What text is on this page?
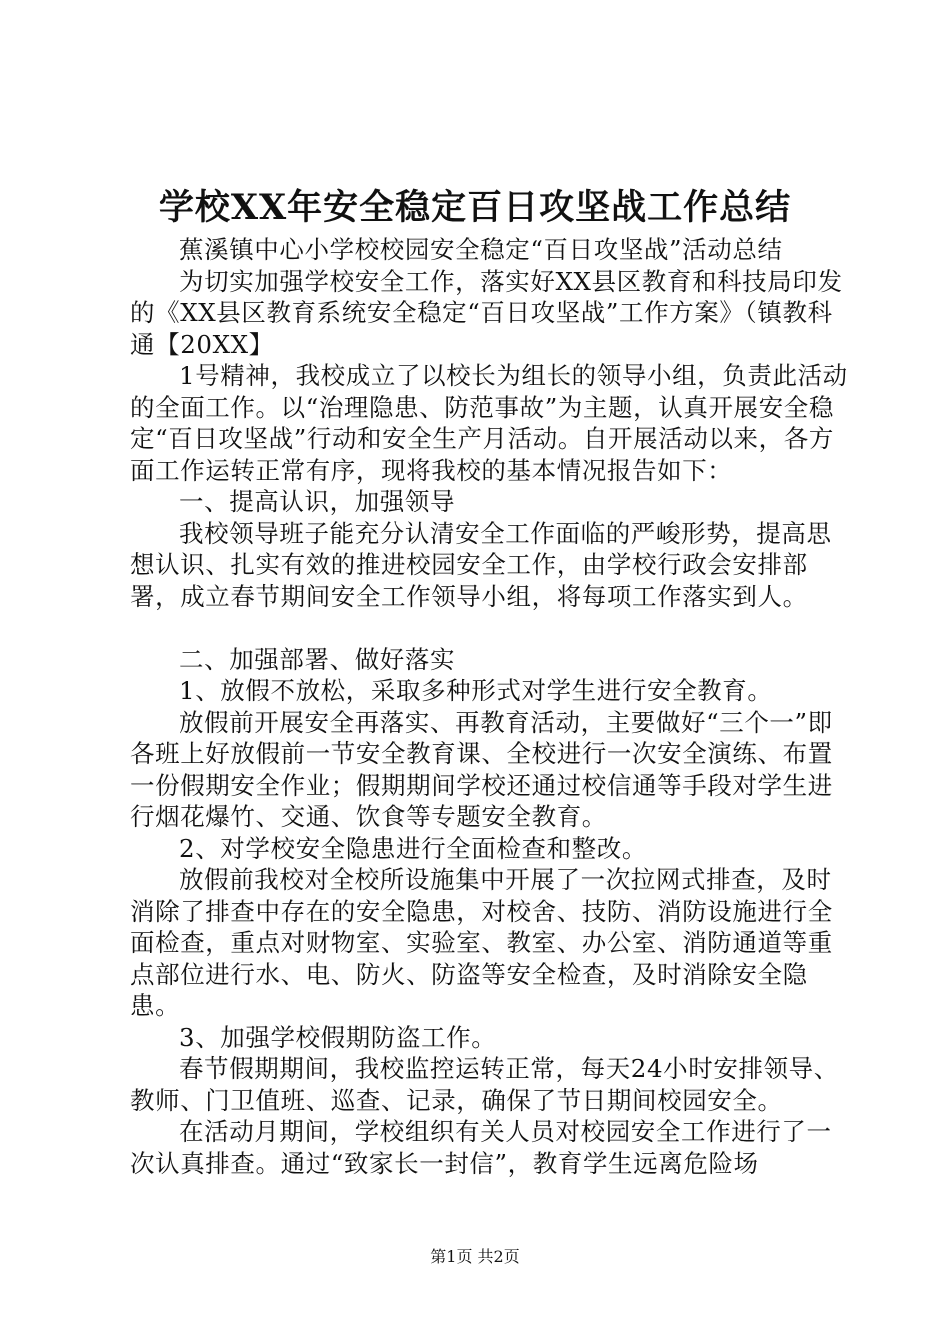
学校XX年安全稳定百日攻坚战工作总结

蕉溪镇中心小学校校园安全稳定“百日攻坚战”活动总结

为切实加强学校安全工作，落实好XX县区教育和科技局印发的《XX县区教育系统安全稳定“百日攻坚战”工作方案》（镇教科通【20XX】

1号精神，我校成立了以校长为组长的领导小组，负责此活动的全面工作。以“治理隐患、防范事故”为主题，认真开展安全稳定“百日攻坚战”行动和安全生产月活动。自开展活动以来，各方面工作运转正常有序，现将我校的基本情况报告如下：

一、提高认识，加强领导

我校领导班子能充分认清安全工作面临的严峻形势，提高思想认识、扎实有效的推进校园安全工作，由学校行政会安排部署，成立春节期间安全工作领导小组，将每项工作落实到人。

二、加强部署、做好落实

1、放假不放松，采取多种形式对学生进行安全教育。

放假前开展安全再落实、再教育活动，主要做好“三个一”即各班上好放假前一节安全教育课、全校进行一次安全演练、布置一份假期安全作业；假期期间学校还通过校信通等手段对学生进行烟花爆竹、交通、饮食等专题安全教育。

2、对学校安全隐患进行全面检查和整改。

放假前我校对全校所设施集中开展了一次拉网式排查，及时消除了排查中存在的安全隐患，对校舍、技防、消防设施进行全面检查，重点对财物室、实验室、教室、办公室、消防通道等重点部位进行水、电、防火、防盗等安全检查，及时消除安全隐患。

3、加强学校假期防盗工作。

春节假期期间，我校监控运转正常，每天24小时安排领导、教师、门卫值班、巡查、记录，确保了节日期间校园安全。

在活动月期间，学校组织有关人员对校园安全工作进行了一次认真排查。通过“致家长一封信”，教育学生远离危险场

第1页 共2页
